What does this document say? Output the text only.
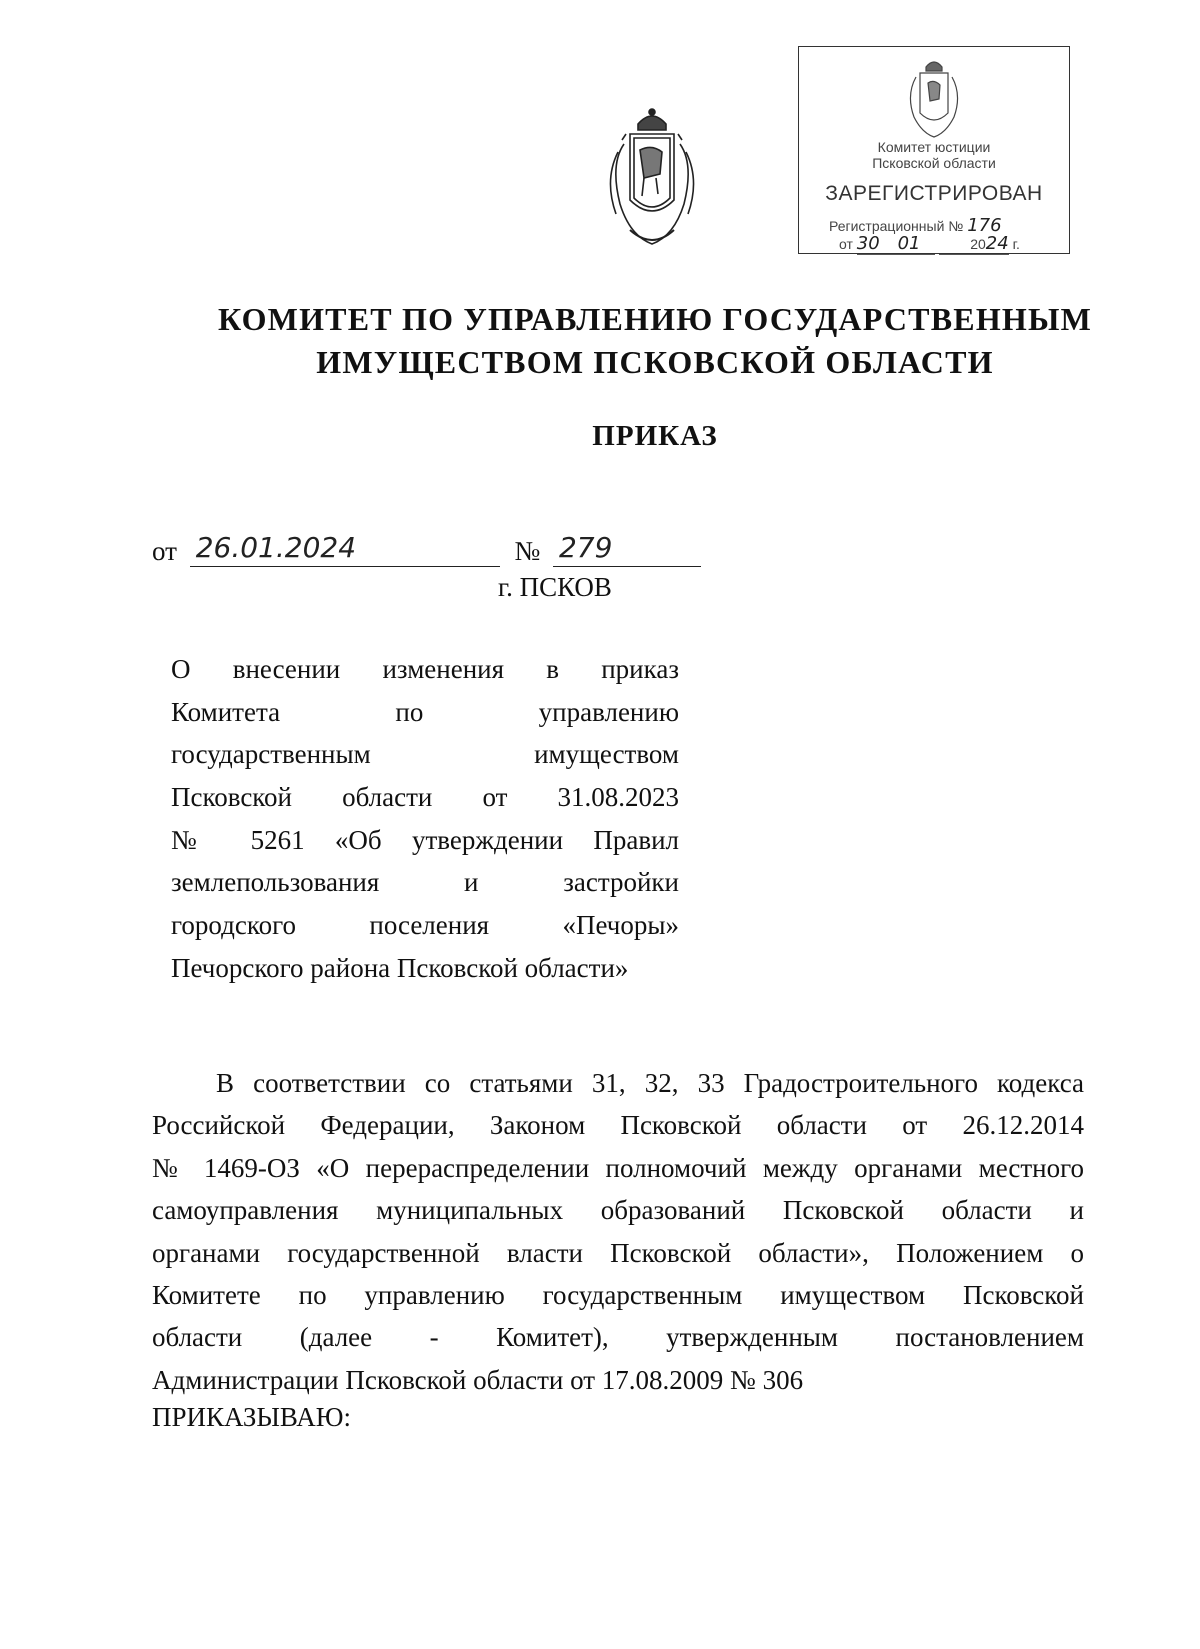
Комитет юстиции
Псковской области
ЗАРЕГИСТРИРОВАН
Регистрационный № 176
от 30 01	2024 г.
КОМИТЕТ ПО УПРАВЛЕНИЮ ГОСУДАРСТВЕННЫМ
ИМУЩЕСТВОМ ПСКОВСКОЙ ОБЛАСТИ
ПРИКАЗ
от 26.01.2024	№ 279
г. ПСКОВ
О внесении изменения в приказ
Комитета по управлению
государственным имуществом
Псковской области от 31.08.2023
№ 5261 «Об утверждении Правил
землепользования и застройки
городского поселения «Печоры»
Печорского района Псковской области»
В соответствии со статьями 31, 32, 33 Градостроительного кодекса
Российской Федерации, Законом Псковской области от 26.12.2014
№ 1469-ОЗ «О перераспределении полномочий между органами местного
самоуправления муниципальных образований Псковской области и
органами государственной власти Псковской области», Положением о
Комитете по управлению государственным имуществом Псковской
области (далее - Комитет), утвержденным постановлением
Администрации Псковской области от 17.08.2009 № 306
ПРИКАЗЫВАЮ:
